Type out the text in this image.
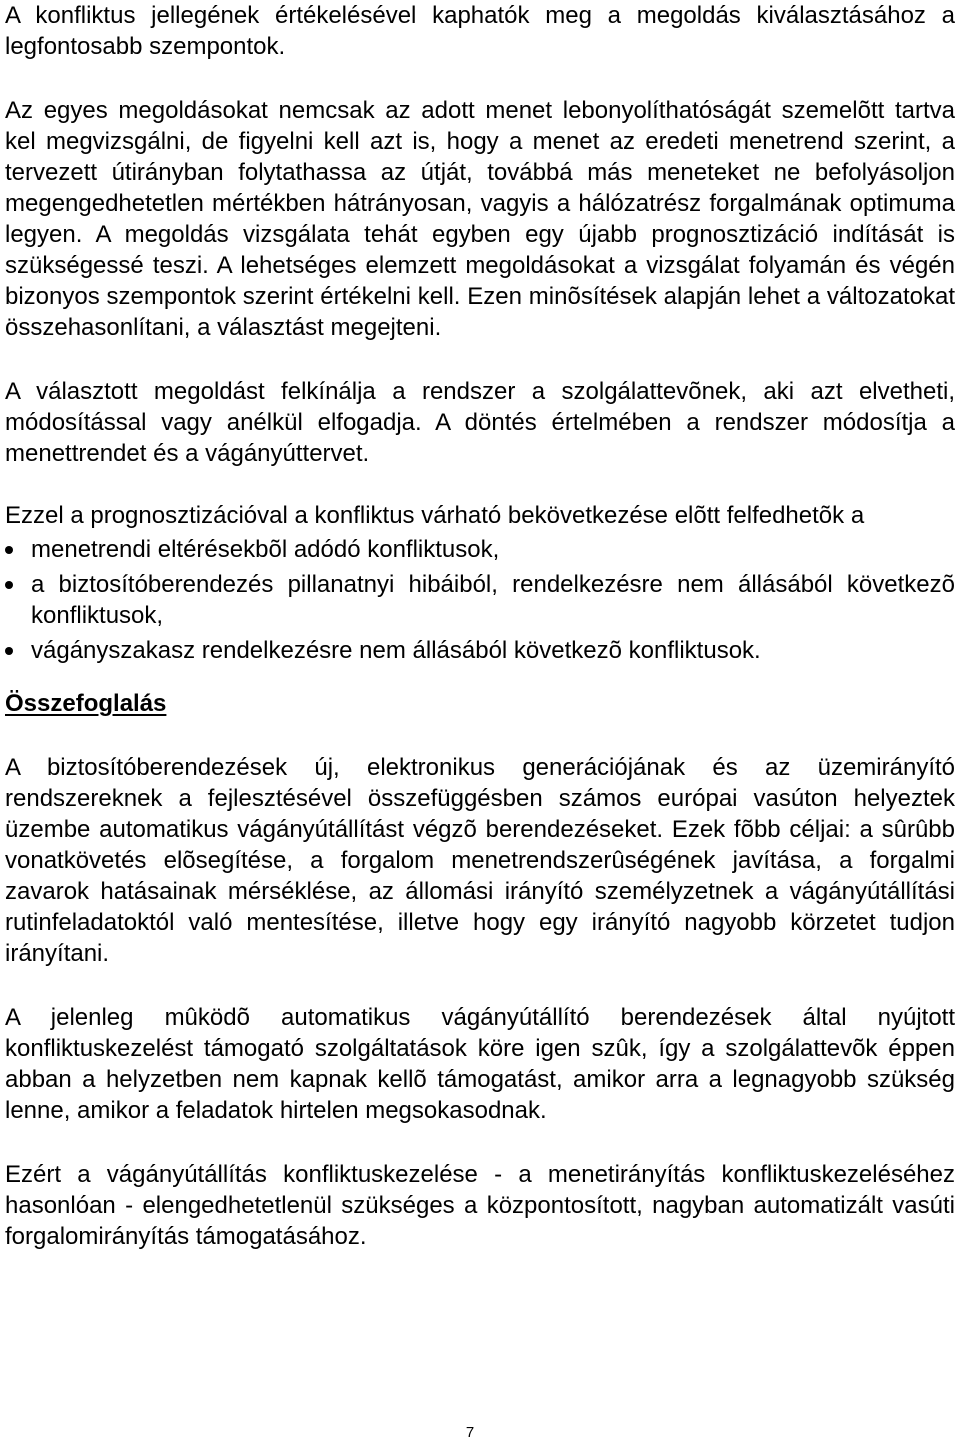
A konfliktus jellegének értékelésével kaphatók meg a megoldás kiválasztásához a legfontosabb szempontok.

Az egyes megoldásokat nemcsak az adott menet lebonyolíthatóságát szemelõtt tartva kel megvizsgálni, de figyelni kell azt is, hogy a menet az eredeti menetrend szerint, a tervezett útirányban folytathassa az útját, továbbá más meneteket ne befolyásoljon megengedhetetlen mértékben hátrányosan, vagyis a hálózatrész forgalmának optimuma legyen. A megoldás vizsgálata tehát egyben egy újabb prognosztizáció indítását is szükségessé teszi. A lehetséges elemzett megoldásokat a vizsgálat folyamán és végén bizonyos szempontok szerint értékelni kell. Ezen minõsítések alapján lehet a változatokat összehasonlítani, a választást megejteni.

A választott megoldást felkínálja a rendszer a szolgálattevõnek, aki azt elvetheti, módosítással vagy anélkül elfogadja. A döntés értelmében a rendszer módosítja a menettrendet és a vágányúttervet.

Ezzel a prognosztizációval a konfliktus várható bekövetkezése elõtt felfedhetõk a

menetrendi eltérésekbõl adódó konfliktusok,
a biztosítóberendezés pillanatnyi hibáiból, rendelkezésre nem állásából következõ konfliktusok,
vágányszakasz rendelkezésre nem állásából következõ konfliktusok.
Összefoglalás

A biztosítóberendezések új, elektronikus generációjának és az üzemirányító rendszereknek a fejlesztésével összefüggésben számos európai vasúton helyeztek üzembe automatikus vágányútállítást végzõ berendezéseket. Ezek fõbb céljai: a sûrûbb vonatkövetés elõsegítése, a forgalom menetrendszerûségének javítása, a forgalmi zavarok hatásainak mérséklése, az állomási irányító személyzetnek a vágányútállítási rutinfeladatoktól való mentesítése, illetve hogy egy irányító nagyobb körzetet tudjon irányítani.

A jelenleg mûködõ automatikus vágányútállító berendezések által nyújtott konfliktuskezelést támogató szolgáltatások köre igen szûk, így a szolgálattevõk éppen abban a helyzetben nem kapnak kellõ támogatást, amikor arra a legnagyobb szükség lenne, amikor a feladatok hirtelen megsokasodnak.

Ezért a vágányútállítás konfliktuskezelése - a menetirányítás konfliktuskezeléséhez hasonlóan - elengedhetetlenül szükséges a központosított, nagyban automatizált vasúti forgalomirányítás támogatásához.

7
